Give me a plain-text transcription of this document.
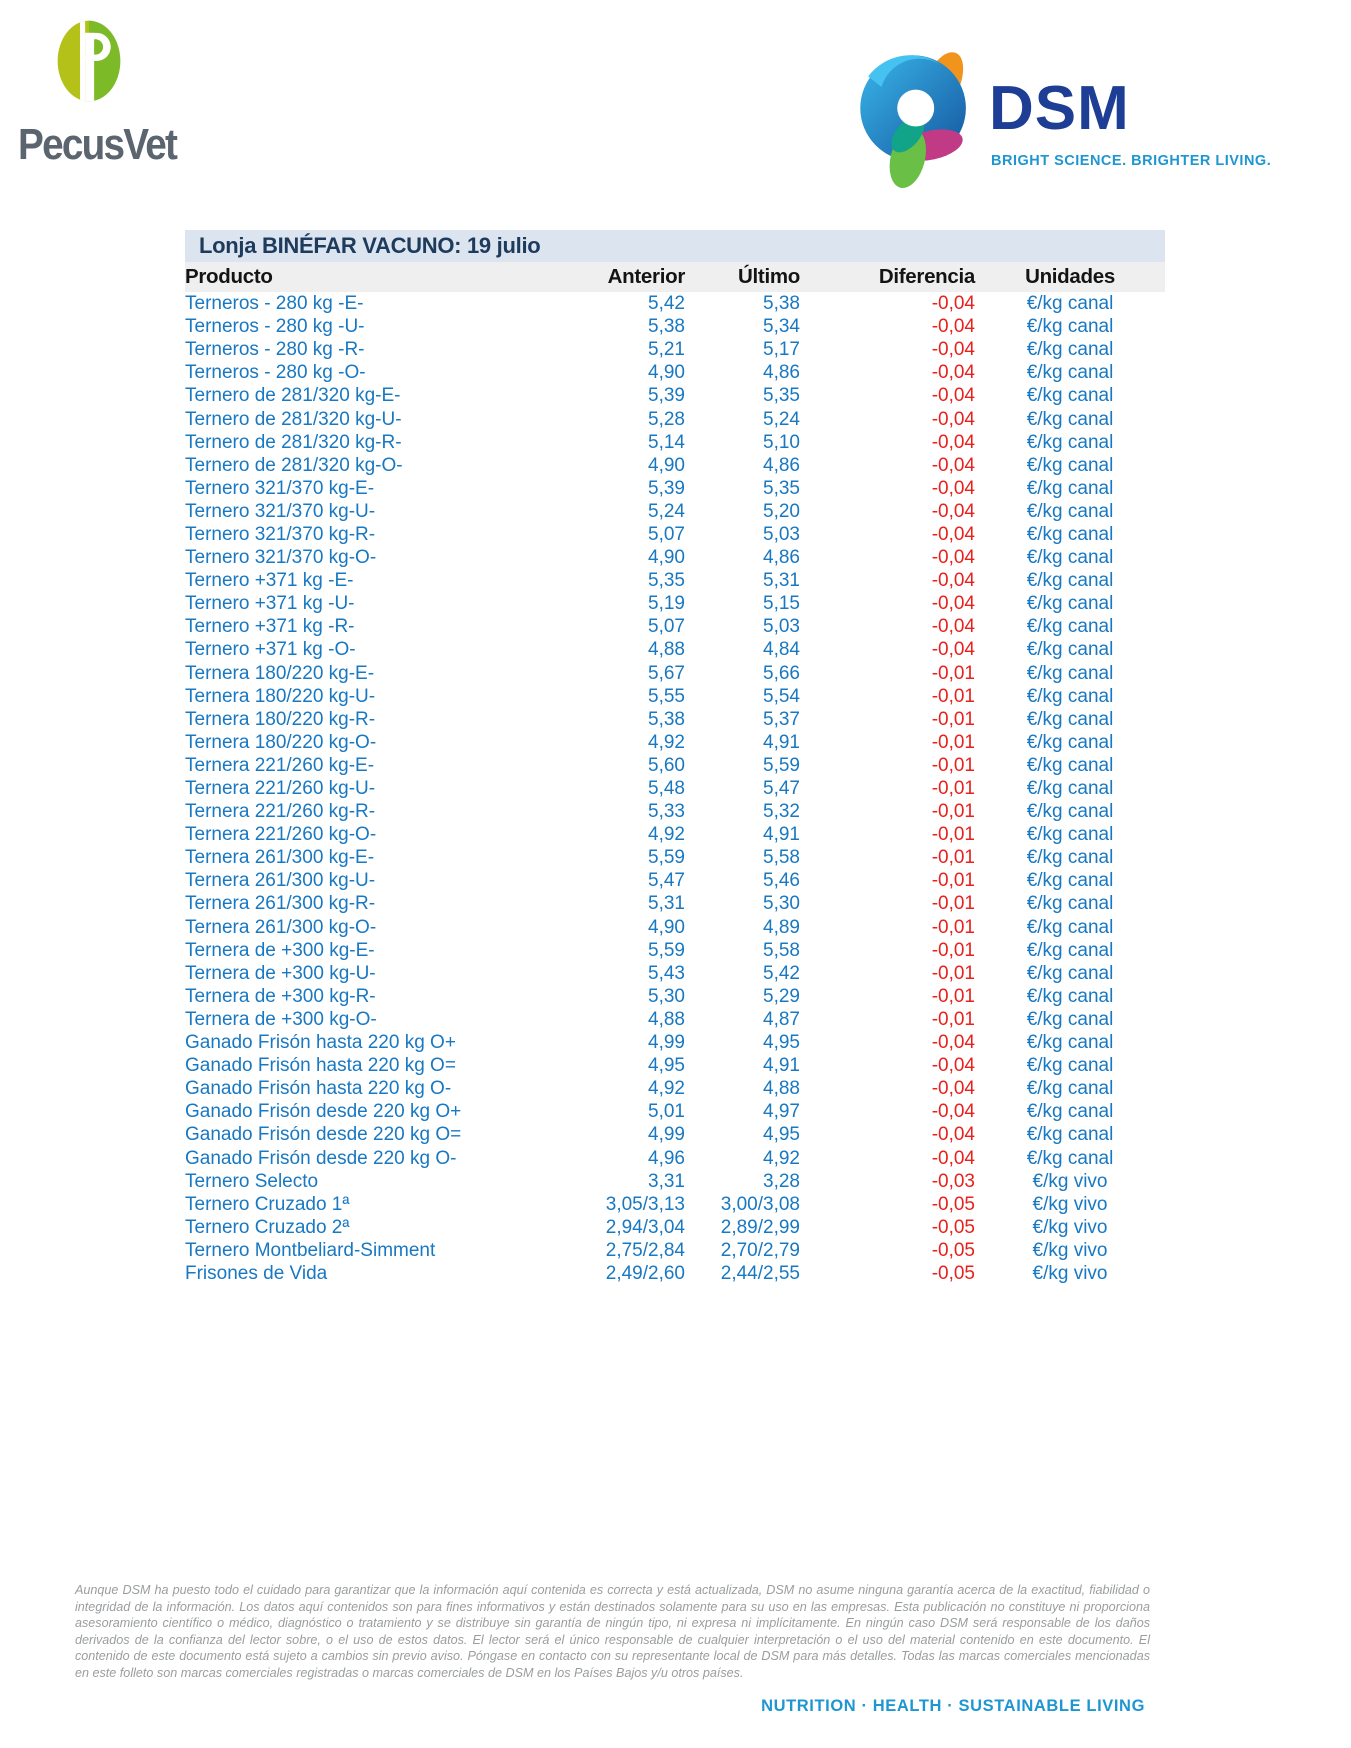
PecusVet
DSM
BRIGHT SCIENCE. BRIGHTER LIVING.
Lonja BINÉFAR VACUNO: 19 julio
Producto	Anterior	Último	Diferencia	Unidades
Terneros - 280 kg -E-	5,42	5,38	-0,04	€/kg canal
Terneros - 280 kg -U-	5,38	5,34	-0,04	€/kg canal
Terneros - 280 kg -R-	5,21	5,17	-0,04	€/kg canal
Terneros - 280 kg -O-	4,90	4,86	-0,04	€/kg canal
Ternero de 281/320 kg-E-	5,39	5,35	-0,04	€/kg canal
Ternero de 281/320 kg-U-	5,28	5,24	-0,04	€/kg canal
Ternero de 281/320 kg-R-	5,14	5,10	-0,04	€/kg canal
Ternero de 281/320 kg-O-	4,90	4,86	-0,04	€/kg canal
Ternero 321/370 kg-E-	5,39	5,35	-0,04	€/kg canal
Ternero 321/370 kg-U-	5,24	5,20	-0,04	€/kg canal
Ternero 321/370 kg-R-	5,07	5,03	-0,04	€/kg canal
Ternero 321/370 kg-O-	4,90	4,86	-0,04	€/kg canal
Ternero +371 kg -E-	5,35	5,31	-0,04	€/kg canal
Ternero +371 kg -U-	5,19	5,15	-0,04	€/kg canal
Ternero +371 kg -R-	5,07	5,03	-0,04	€/kg canal
Ternero +371 kg -O-	4,88	4,84	-0,04	€/kg canal
Ternera 180/220 kg-E-	5,67	5,66	-0,01	€/kg canal
Ternera 180/220 kg-U-	5,55	5,54	-0,01	€/kg canal
Ternera 180/220 kg-R-	5,38	5,37	-0,01	€/kg canal
Ternera 180/220 kg-O-	4,92	4,91	-0,01	€/kg canal
Ternera 221/260 kg-E-	5,60	5,59	-0,01	€/kg canal
Ternera 221/260 kg-U-	5,48	5,47	-0,01	€/kg canal
Ternera 221/260 kg-R-	5,33	5,32	-0,01	€/kg canal
Ternera 221/260 kg-O-	4,92	4,91	-0,01	€/kg canal
Ternera 261/300 kg-E-	5,59	5,58	-0,01	€/kg canal
Ternera 261/300 kg-U-	5,47	5,46	-0,01	€/kg canal
Ternera 261/300 kg-R-	5,31	5,30	-0,01	€/kg canal
Ternera 261/300 kg-O-	4,90	4,89	-0,01	€/kg canal
Ternera de +300 kg-E-	5,59	5,58	-0,01	€/kg canal
Ternera de +300 kg-U-	5,43	5,42	-0,01	€/kg canal
Ternera de +300 kg-R-	5,30	5,29	-0,01	€/kg canal
Ternera de +300 kg-O-	4,88	4,87	-0,01	€/kg canal
Ganado Frisón hasta 220 kg O+	4,99	4,95	-0,04	€/kg canal
Ganado Frisón hasta 220 kg O=	4,95	4,91	-0,04	€/kg canal
Ganado Frisón hasta 220 kg O-	4,92	4,88	-0,04	€/kg canal
Ganado Frisón desde 220 kg O+	5,01	4,97	-0,04	€/kg canal
Ganado Frisón desde 220 kg O=	4,99	4,95	-0,04	€/kg canal
Ganado Frisón desde 220 kg O-	4,96	4,92	-0,04	€/kg canal
Ternero Selecto	3,31	3,28	-0,03	€/kg vivo
Ternero Cruzado 1ª	3,05/3,13	3,00/3,08	-0,05	€/kg vivo
Ternero Cruzado 2ª	2,94/3,04	2,89/2,99	-0,05	€/kg vivo
Ternero Montbeliard-Simment	2,75/2,84	2,70/2,79	-0,05	€/kg vivo
Frisones de Vida	2,49/2,60	2,44/2,55	-0,05	€/kg vivo
Aunque DSM ha puesto todo el cuidado para garantizar que la información aquí contenida es correcta y está actualizada, DSM no asume ninguna garantía acerca de la exactitud, fiabilidad o integridad de la información. Los datos aquí contenidos son para fines informativos y están destinados solamente para su uso en las empresas. Esta publicación no constituye ni proporciona asesoramiento científico o médico, diagnóstico o tratamiento y se distribuye sin garantía de ningún tipo, ni expresa ni implícitamente. En ningún caso DSM será responsable de los daños derivados de la confianza del lector sobre, o el uso de estos datos. El lector será el único responsable de cualquier interpretación o el uso del material contenido en este documento. El contenido de este documento está sujeto a cambios sin previo aviso. Póngase en contacto con su representante local de DSM para más detalles. Todas las marcas comerciales mencionadas en este folleto son marcas comerciales registradas o marcas comerciales de DSM en los Países Bajos y/u otros países.
NUTRITION · HEALTH · SUSTAINABLE LIVING
